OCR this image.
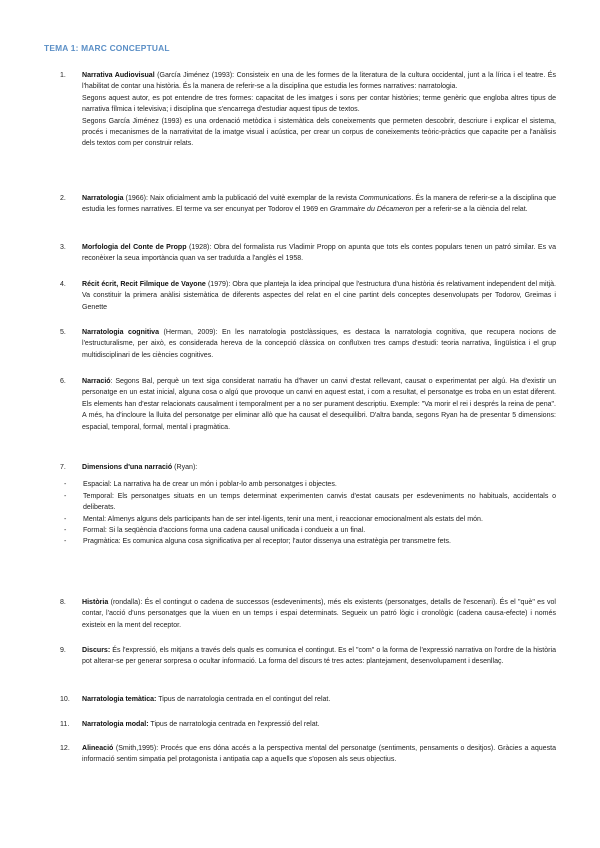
TEMA 1: MARC CONCEPTUAL
1. Narrativa Audiovisual (García Jiménez (1993): Consisteix en una de les formes de la literatura de la cultura occidental, junt a la lírica i el teatre. És l'habilitat de contar una història. És la manera de referir-se a la disciplina que estudia les formes narratives: narratologia.

Segons aquest autor, es pot entendre de tres formes: capacitat de les imatges i sons per contar històries; terme genèric que engloba altres tipus de narrativa fílmica i televisiva; i disciplina que s'encarrega d'estudiar aquest tipus de textos.

Segons García Jiménez (1993) es una ordenació metòdica i sistemàtica dels coneixements que permeten descobrir, descriure i explicar el sistema, procés i mecanismes de la narrativitat de la imatge visual i acústica, per crear un corpus de coneixements teòric-pràctics que capacite per a l'anàlisis dels textos com per construir relats.

2. Narratologia (1966): Naix oficialment amb la publicació del vuitè exemplar de la revista Communications. És la manera de referir-se a la disciplina que estudia les formes narratives. El terme va ser encunyat per Todorov el 1969 en Grammaire du Décameron per a referir-se a la ciència del relat.

3. Morfologia del Conte de Propp (1928): Obra del formalista rus Vladimir Propp on apunta que tots els contes populars tenen un patró similar. Es va reconèixer la seua importància quan va ser traduïda a l'anglès el 1958.

4. Récit écrit, Recit Filmique de Vayone (1979): Obra que planteja la idea principal que l'estructura d'una història és relativament independent del mitjà. Va constituir la primera anàlisi sistemàtica de diferents aspectes del relat en el cine partint dels conceptes desenvolupats per Todorov, Greimas i Genette

5. Narratologia cognitiva (Herman, 2009): En les narratologia postclàssiques, es destaca la narratologia cognitiva, que recupera nocions de l'estructuralisme, per això, es considerada hereva de la concepció clàssica on confluïxen tres camps d'estudi: teoria narrativa, lingüística i el grup multidisciplinari de les ciències cognitives.

6. Narració: Segons Bal, perquè un text siga considerat narratiu ha d'haver un canvi d'estat rellevant, causat o experimentat per algú. Ha d'existir un personatge en un estat inicial, alguna cosa o algú que provoque un canvi en aquest estat, i com a resultat, el personatge es troba en un estat diferent. Els elements han d'estar relacionats causalment i temporalment per a no ser purament descriptiu. Exemple: "Va morir el rei i després la reina de pena". A més, ha d'incloure la lluita del personatge per eliminar allò que ha causat el desequilibri. D'altra banda, segons Ryan ha de presentar 5 dimensions: espacial, temporal, formal, mental i pragmàtica.

7. Dimensions d'una narració (Ryan):

- Espacial: La narrativa ha de crear un món i poblar-lo amb personatges i objectes.
- Temporal: Els personatges situats en un temps determinat experimenten canvis d'estat causats per esdeveniments no habituals, accidentals o deliberats.
- Mental: Almenys alguns dels participants han de ser intel·ligents, tenir una ment, i reaccionar emocionalment als estats del món.
- Formal: Si la seqüència d'accions forma una cadena causal unificada i condueix a un final.
- Pragmàtica: Es comunica alguna cosa significativa per al receptor; l'autor dissenya una estratègia per transmetre fets.
8. Història (rondalla): És el contingut o cadena de successos (esdeveniments), més els existents (personatges, detalls de l'escenari). És el "què" es vol contar, l'acció d'uns personatges que la viuen en un temps i espai determinats. Segueix un patró lògic i cronològic (cadena causa-efecte) i només existeix en la ment del receptor.

9. Discurs: És l'expressió, els mitjans a través dels quals es comunica el contingut. Es el "com" o la forma de l'expressió narrativa on l'ordre de la història pot alterar-se per generar sorpresa o ocultar informació. La forma del discurs té tres actes: plantejament, desenvolupament i desenllaç.

10. Narratologia temàtica: Tipus de narratologia centrada en el contingut del relat.

11. Narratologia modal: Tipus de narratologia centrada en l'expressió del relat.

12. Alineació (Smith,1995): Procés que ens dóna accés a la perspectiva mental del personatge (sentiments, pensaments o desitjos). Gràcies a aquesta informació sentim simpatia pel protagonista i antipatia cap a aquells que s'oposen als seus objectius.
